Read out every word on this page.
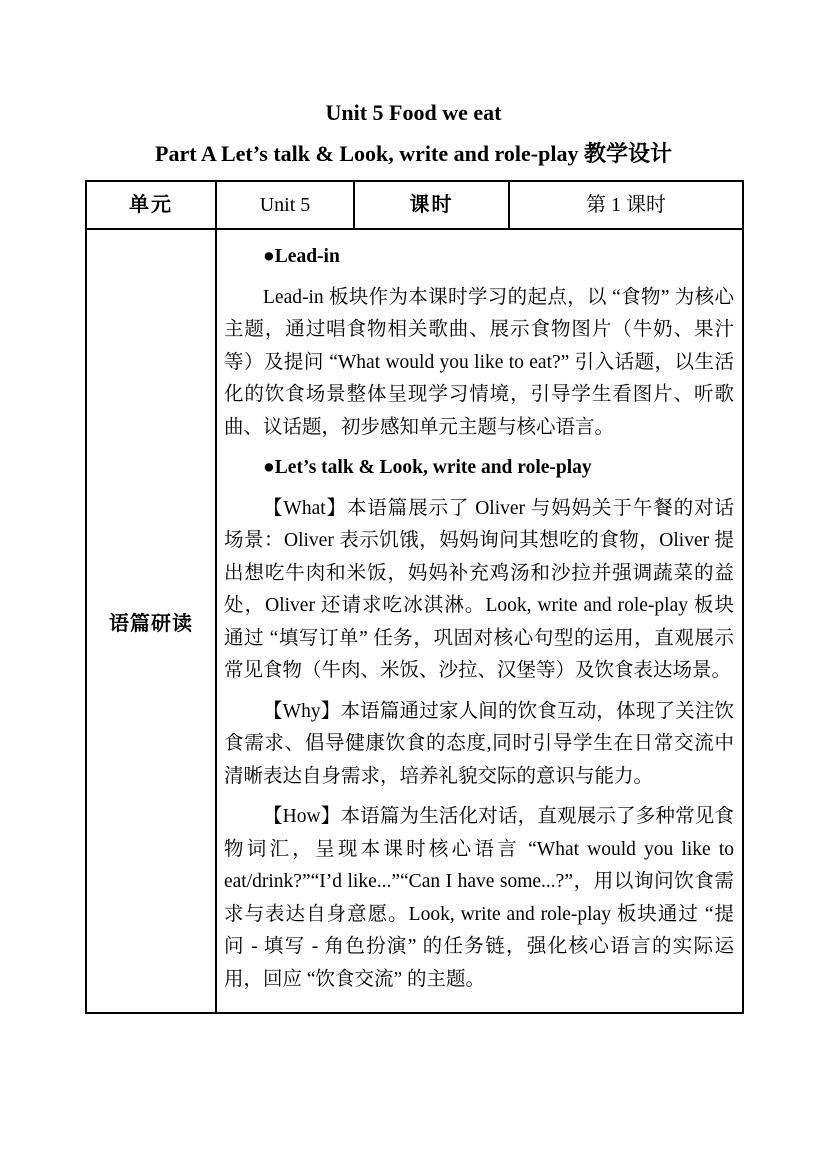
Unit 5 Food we eat
Part A Let’s talk & Look, write and role-play 教学设计
单元	Unit 5	课时	第 1 课时
语篇研读	

●Lead-in

Lead-in 板块作为本课时学习的起点，以 “食物” 为核心主题，通过唱食物相关歌曲、展示食物图片（牛奶、果汁等）及提问 “What would you like to eat?” 引入话题，以生活化的饮食场景整体呈现学习情境，引导学生看图片、听歌曲、议话题，初步感知单元主题与核心语言。

●Let’s talk & Look, write and role-play

【What】本语篇展示了 Oliver 与妈妈关于午餐的对话场景：Oliver 表示饥饿，妈妈询问其想吃的食物，Oliver 提出想吃牛肉和米饭，妈妈补充鸡汤和沙拉并强调蔬菜的益处，Oliver 还请求吃冰淇淋。Look, write and role-play 板块通过 “填写订单” 任务，巩固对核心句型的运用，直观展示常见食物（牛肉、米饭、沙拉、汉堡等）及饮食表达场景。

【Why】本语篇通过家人间的饮食互动，体现了关注饮食需求、倡导健康饮食的态度,同时引导学生在日常交流中清晰表达自身需求，培养礼貌交际的意识与能力。

【How】本语篇为生活化对话，直观展示了多种常见食物词汇，呈现本课时核心语言 “What would you like to eat/drink?”“I’d like...”“Can I have some...?”，用以询问饮食需求与表达自身意愿。Look, write and role-play 板块通过 “提问 - 填写 - 角色扮演” 的任务链，强化核心语言的实际运用，回应 “饮食交流” 的主题。
